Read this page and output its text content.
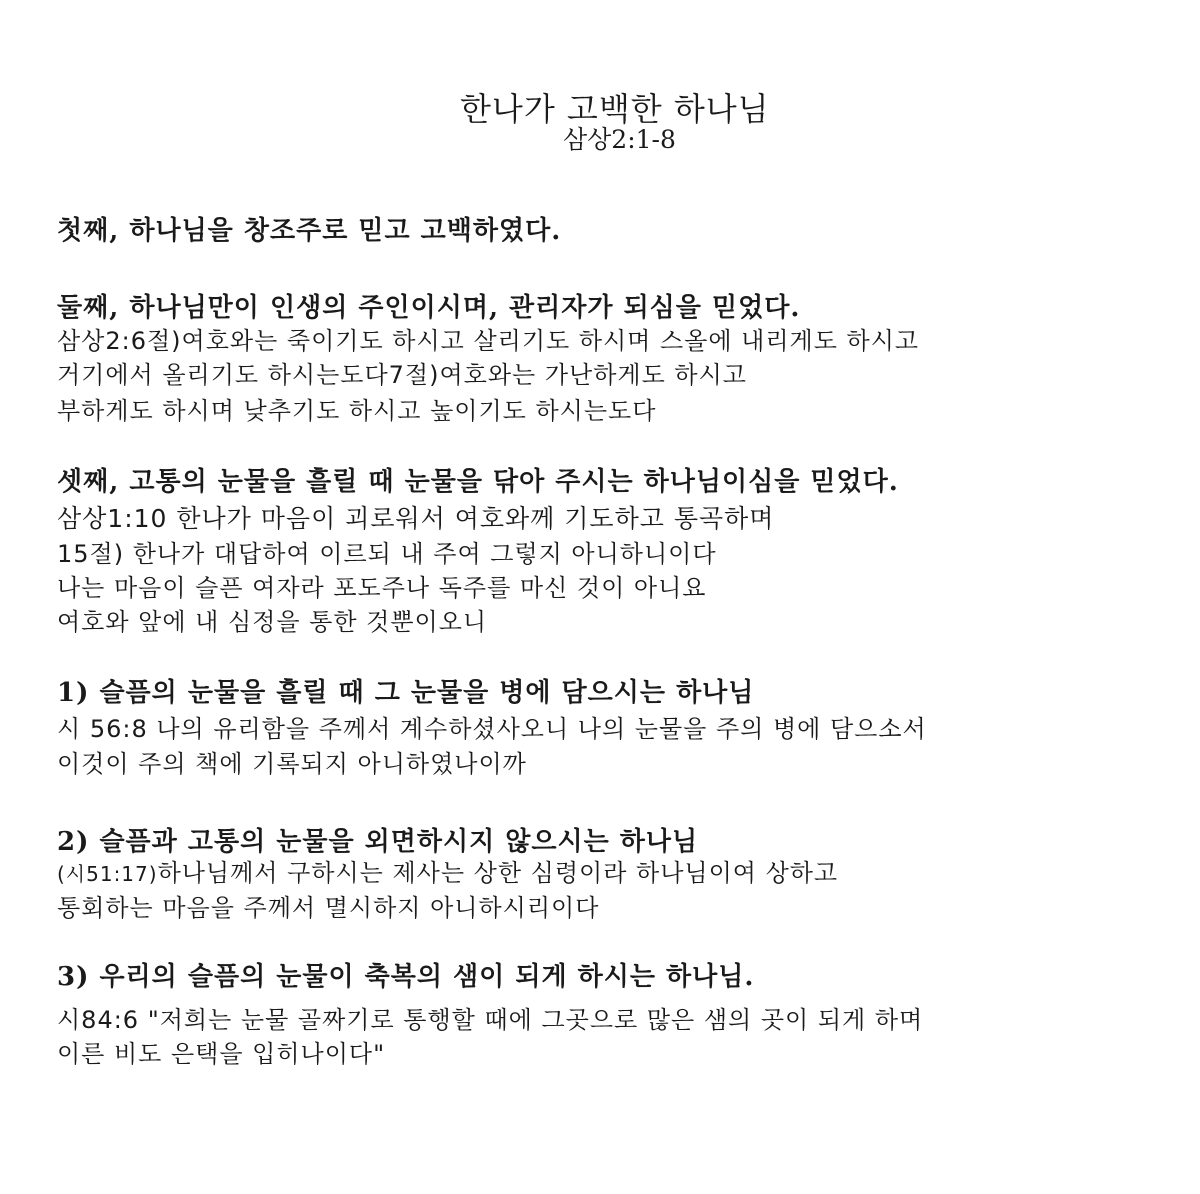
한나가 고백한 하나님
삼상2:1-8
첫째, 하나님을 창조주로 믿고 고백하였다.
둘째, 하나님만이 인생의 주인이시며, 관리자가 되심을 믿었다.
삼상2:6절)여호와는 죽이기도 하시고 살리기도 하시며 스올에 내리게도 하시고
거기에서 올리기도 하시는도다7절)여호와는 가난하게도 하시고
부하게도 하시며 낮추기도 하시고 높이기도 하시는도다
셋째, 고통의 눈물을 흘릴 때 눈물을 닦아 주시는 하나님이심을 믿었다.
삼상1:10 한나가 마음이 괴로워서 여호와께 기도하고 통곡하며
15절) 한나가 대답하여 이르되 내 주여 그렇지 아니하니이다
나는 마음이 슬픈 여자라 포도주나 독주를 마신 것이 아니요
여호와 앞에 내 심정을 통한 것뿐이오니
1) 슬픔의 눈물을 흘릴 때 그 눈물을 병에 담으시는 하나님
시 56:8 나의 유리함을 주께서 계수하셨사오니 나의 눈물을 주의 병에 담으소서
이것이 주의 책에 기록되지 아니하였나이까
2) 슬픔과 고통의 눈물을 외면하시지 않으시는 하나님
(시51:17)하나님께서 구하시는 제사는 상한 심령이라 하나님이여 상하고
통회하는 마음을 주께서 멸시하지 아니하시리이다
3) 우리의 슬픔의 눈물이 축복의 샘이 되게 하시는 하나님.
시84:6 "저희는 눈물 골짜기로 통행할 때에 그곳으로 많은 샘의 곳이 되게 하며
이른 비도 은택을 입히나이다"
